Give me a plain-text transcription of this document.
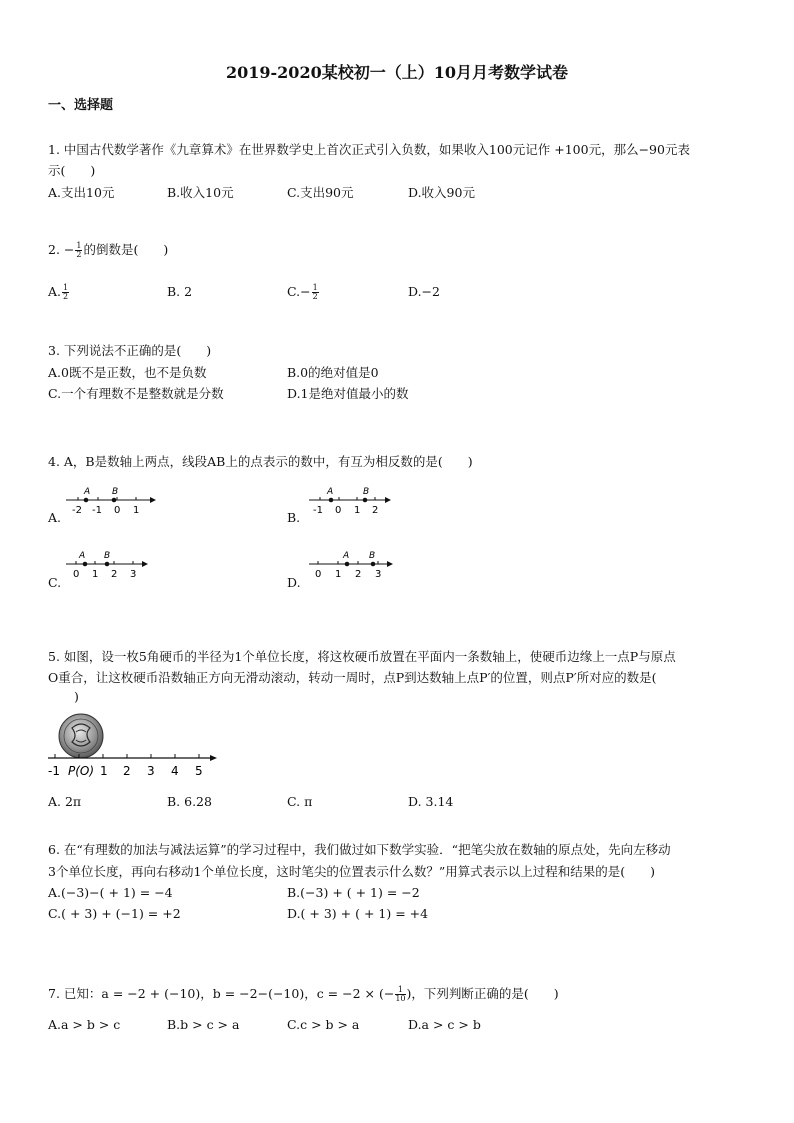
2019-2020某校初一（上）10月月考数学试卷
一、选择题
1. 中国古代数学著作《九章算术》在世界数学史上首次正式引入负数，如果收入100元记作 +100元，那么−90元表
示(　　)
A.支出10元	B.收入10元	C.支出90元	D.收入90元
2. − $\frac{1}{2}$ 的倒数是(　　)
A. $\frac{1}{2}$	B. 2	$C.- \frac{1}{2}$	D.−2
3. 下列说法不正确的是(　　)
A.0既不是正数，也不是负数	B.0的绝对值是0
C.一个有理数不是整数就是分数	D.1是绝对值最小的数
4. A，B是数轴上两点，线段AB上的点表示的数中，有互为相反数的是(　　)
A.
A B
-2 -1 0 1	B.
A	B
-1 0 1 2
C.
A B
0 1 2 3
D.
A B
0 1 2 3
5. 如图，设一枚5角硬币的半径为1个单位长度，将这枚硬币放置在平面内一条数轴上，使硬币边缘上一点P与原点
O重合，让这枚硬币沿数轴正方向无滑动滚动，转动一周时，点P到达数轴上点P′的位置，则点P′所对应的数是(
)
-1 P(O) 1 2 3 4 5
A. 2π	B. 6.28	C. π	D. 3.14
6. 在“有理数的加法与减法运算”的学习过程中，我们做过如下数学实验．“把笔尖放在数轴的原点处，先向左移动
3个单位长度，再向右移动1个单位长度，这时笔尖的位置表示什么数？”用算式表示以上过程和结果的是(　　)
A.(−3)−( + 1) = −4	B.(−3) + ( + 1) = −2
C.( + 3) + (−1) = +2	D.( + 3) + ( + 1) = +4
7. 已知：a = −2 + (−10)，b = −2−(−10)，c = −2 × (− $\frac{1}{10}$ )，下列判断正确的是(　　)
A.a > b > c	B.b > c > a	C.c > b > a	D.a > c > b
